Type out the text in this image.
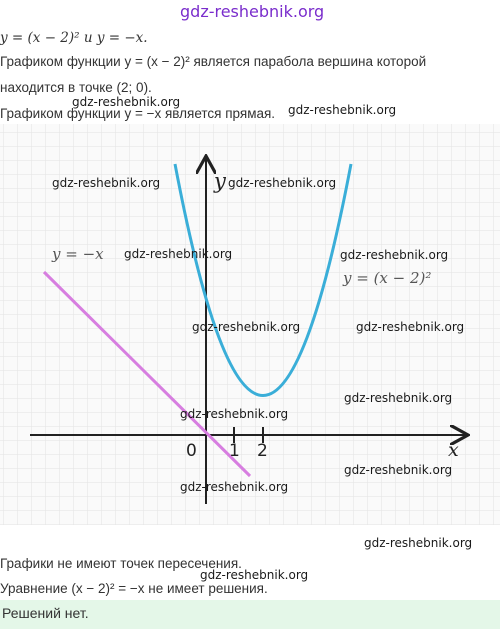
gdz-reshebnik.org
y = (x − 2)² и y = −x.
Графиком функции y = (x − 2)² является парабола вершина которой
находится в точке (2; 0).
Графиком функции y = −x является прямая.
x
y
0 1 2
y = (x − 2)²
y = −x
gdz-reshebnik.org
gdz-reshebnik.org
gdz-reshebnik.org	gdz-reshebnik.org
gdz-reshebnik.org	gdz-reshebnik.org
gdz-reshebnik.org	gdz-reshebnik.org
gdz-reshebnik.org
gdz-reshebnik.org
gdz-reshebnik.org
gdz-reshebnik.org
gdz-reshebnik.org
gdz-reshebnik.org
Графики не имеют точек пересечения.
Уравнение (x − 2)² = −x не имеет решения.
Решений нет.
